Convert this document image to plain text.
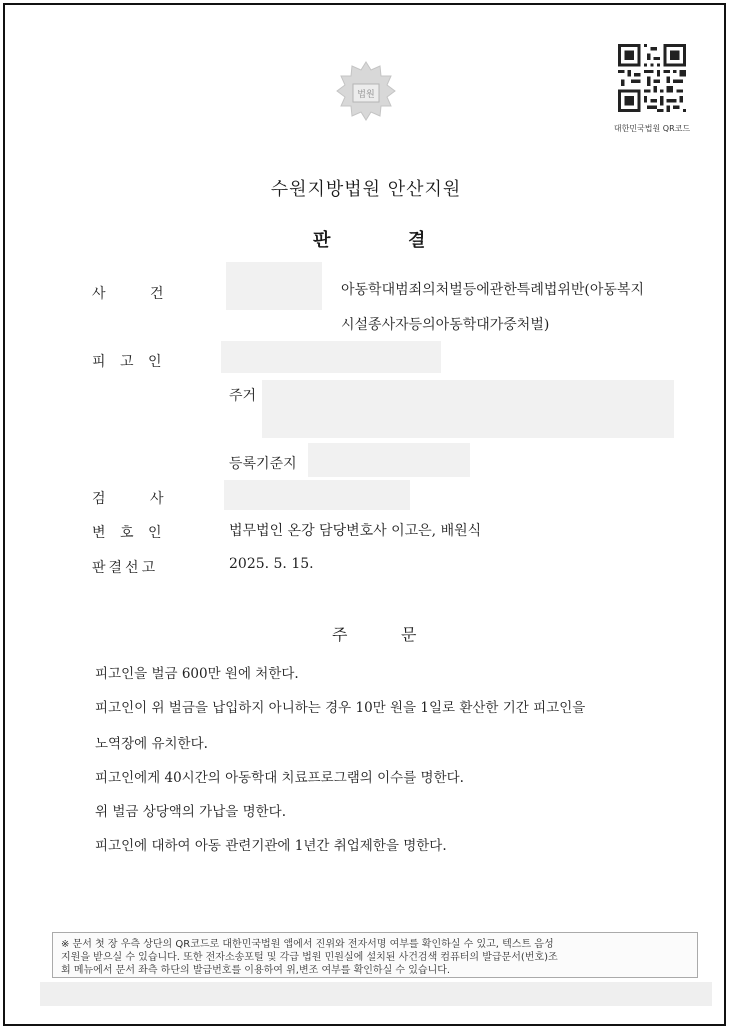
법원
대한민국법원 QR코드
수원지방법원 안산지원
판	결
사 건	아동학대범죄의처벌등에관한특례법위반(아동복지
시설종사자등의아동학대가중처벌)
피 고 인
주거
등록기준지
검 사
변 호 인	법무법인 온강 담당변호사 이고은, 배원식
판결선고	2025. 5. 15.
주	문
피고인을 벌금 600만 원에 처한다.
피고인이 위 벌금을 납입하지 아니하는 경우 10만 원을 1일로 환산한 기간 피고인을
노역장에 유치한다.
피고인에게 40시간의 아동학대 치료프로그램의 이수를 명한다.
위 벌금 상당액의 가납을 명한다.
피고인에 대하여 아동 관련기관에 1년간 취업제한을 명한다.
※ 문서 첫 장 우측 상단의 QR코드로 대한민국법원 앱에서 진위와 전자서명 여부를 확인하실 수 있고, 텍스트 음성
지원을 받으실 수 있습니다. 또한 전자소송포털 및 각급 법원 민원실에 설치된 사건검색 컴퓨터의 발급문서(번호)조
회 메뉴에서 문서 좌측 하단의 발급번호를 이용하여 위,변조 여부를 확인하실 수 있습니다.
